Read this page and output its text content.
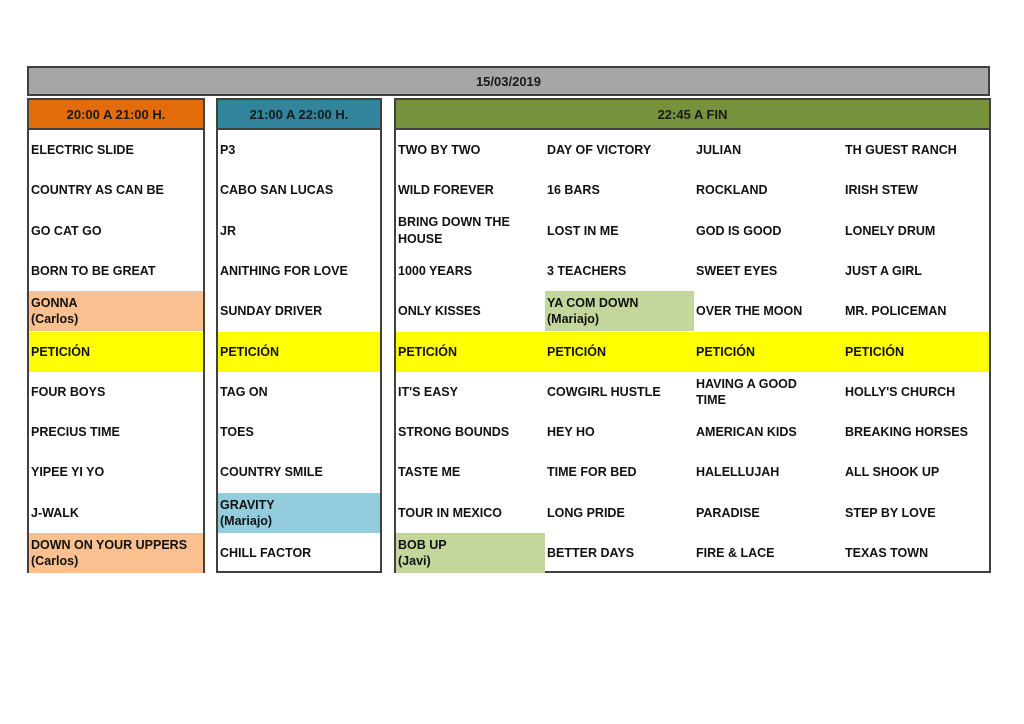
15/03/2019
20:00 A 21:00 H.
ELECTRIC SLIDE
COUNTRY AS CAN BE
GO CAT GO
BORN TO BE GREAT
GONNA
(Carlos)
PETICIÓN
FOUR BOYS
PRECIUS TIME
YIPEE YI YO
J-WALK
DOWN ON YOUR UPPERS
(Carlos)
21:00 A 22:00 H.
P3
CABO SAN LUCAS
JR
ANITHING FOR LOVE
SUNDAY DRIVER
PETICIÓN
TAG ON
TOES
COUNTRY SMILE
GRAVITY
(Mariajo)
CHILL FACTOR
22:45 A FIN
TWO BY TWO
WILD FOREVER
BRING DOWN THE
HOUSE
1000 YEARS
ONLY KISSES
PETICIÓN
IT'S EASY
STRONG BOUNDS
TASTE ME
TOUR IN MEXICO
BOB UP
(Javi)
DAY OF VICTORY
16 BARS
LOST IN ME
3 TEACHERS
YA COM DOWN
(Mariajo)
PETICIÓN
COWGIRL HUSTLE
HEY HO
TIME FOR BED
LONG PRIDE
BETTER DAYS
JULIAN
ROCKLAND
GOD IS GOOD
SWEET EYES
OVER THE MOON
PETICIÓN
HAVING A GOOD
TIME
AMERICAN KIDS
HALELLUJAH
PARADISE
FIRE & LACE
TH GUEST RANCH
IRISH STEW
LONELY DRUM
JUST A GIRL
MR. POLICEMAN
PETICIÓN
HOLLY'S CHURCH
BREAKING HORSES
ALL SHOOK UP
STEP BY LOVE
TEXAS TOWN
